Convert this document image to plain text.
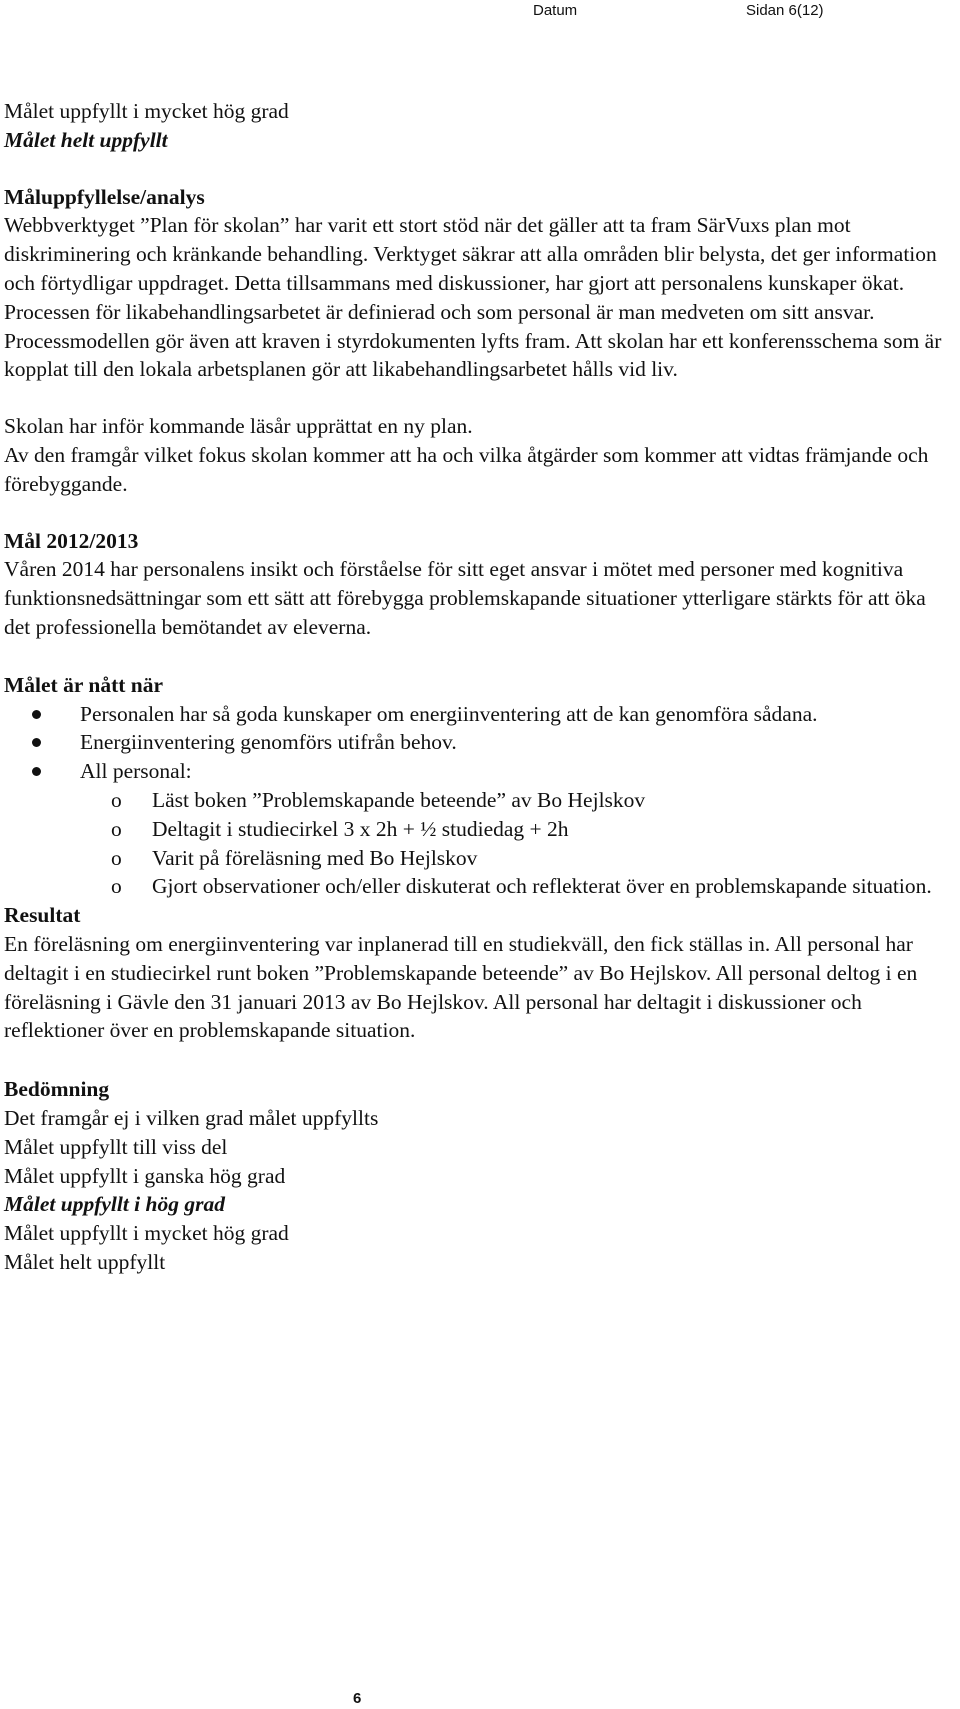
Datum	Sidan 6(12)

Målet uppfyllt i mycket hög grad

Målet helt uppfyllt

Måluppfyllelse/analys

Webbverktyget ”Plan för skolan” har varit ett stort stöd när det gäller att ta fram SärVuxs plan mot diskriminering och kränkande behandling. Verktyget säkrar att alla områden blir belysta, det ger information och förtydligar uppdraget. Detta tillsammans med diskussioner, har gjort att personalens kunskaper ökat. Processen för likabehandlingsarbetet är definierad och som personal är man medveten om sitt ansvar. Processmodellen gör även att kraven i styrdokumenten lyfts fram. Att skolan har ett konferensschema som är kopplat till den lokala arbetsplanen gör att likabehandlingsarbetet hålls vid liv.

Skolan har inför kommande läsår upprättat en ny plan.

Av den framgår vilket fokus skolan kommer att ha och vilka åtgärder som kommer att vidtas främjande och förebyggande.

Mål 2012/2013

Våren 2014 har personalens insikt och förståelse för sitt eget ansvar i mötet med personer med kognitiva funktionsnedsättningar som ett sätt att förebygga problemskapande situationer ytterligare stärkts för att öka det professionella bemötandet av eleverna.

Målet är nått när

Personalen har så goda kunskaper om energiinventering att de kan genomföra sådana.
Energiinventering genomförs utifrån behov.
All personal:
o Läst boken ”Problemskapande beteende” av Bo Hejlskov
o Deltagit i studiecirkel 3 x 2h + ½ studiedag + 2h
o Varit på föreläsning med Bo Hejlskov
o Gjort observationer och/eller diskuterat och reflekterat över en problemskapande situation.

Resultat

En föreläsning om energiinventering var inplanerad till en studiekväll, den fick ställas in. All personal har deltagit i en studiecirkel runt boken ”Problemskapande beteende” av Bo Hejlskov. All personal deltog i en föreläsning i Gävle den 31 januari 2013 av Bo Hejlskov. All personal har deltagit i diskussioner och reflektioner över en problemskapande situation.

Bedömning

Det framgår ej i vilken grad målet uppfyllts

Målet uppfyllt till viss del

Målet uppfyllt i ganska hög grad

Målet uppfyllt i hög grad

Målet uppfyllt i mycket hög grad

Målet helt uppfyllt

6
